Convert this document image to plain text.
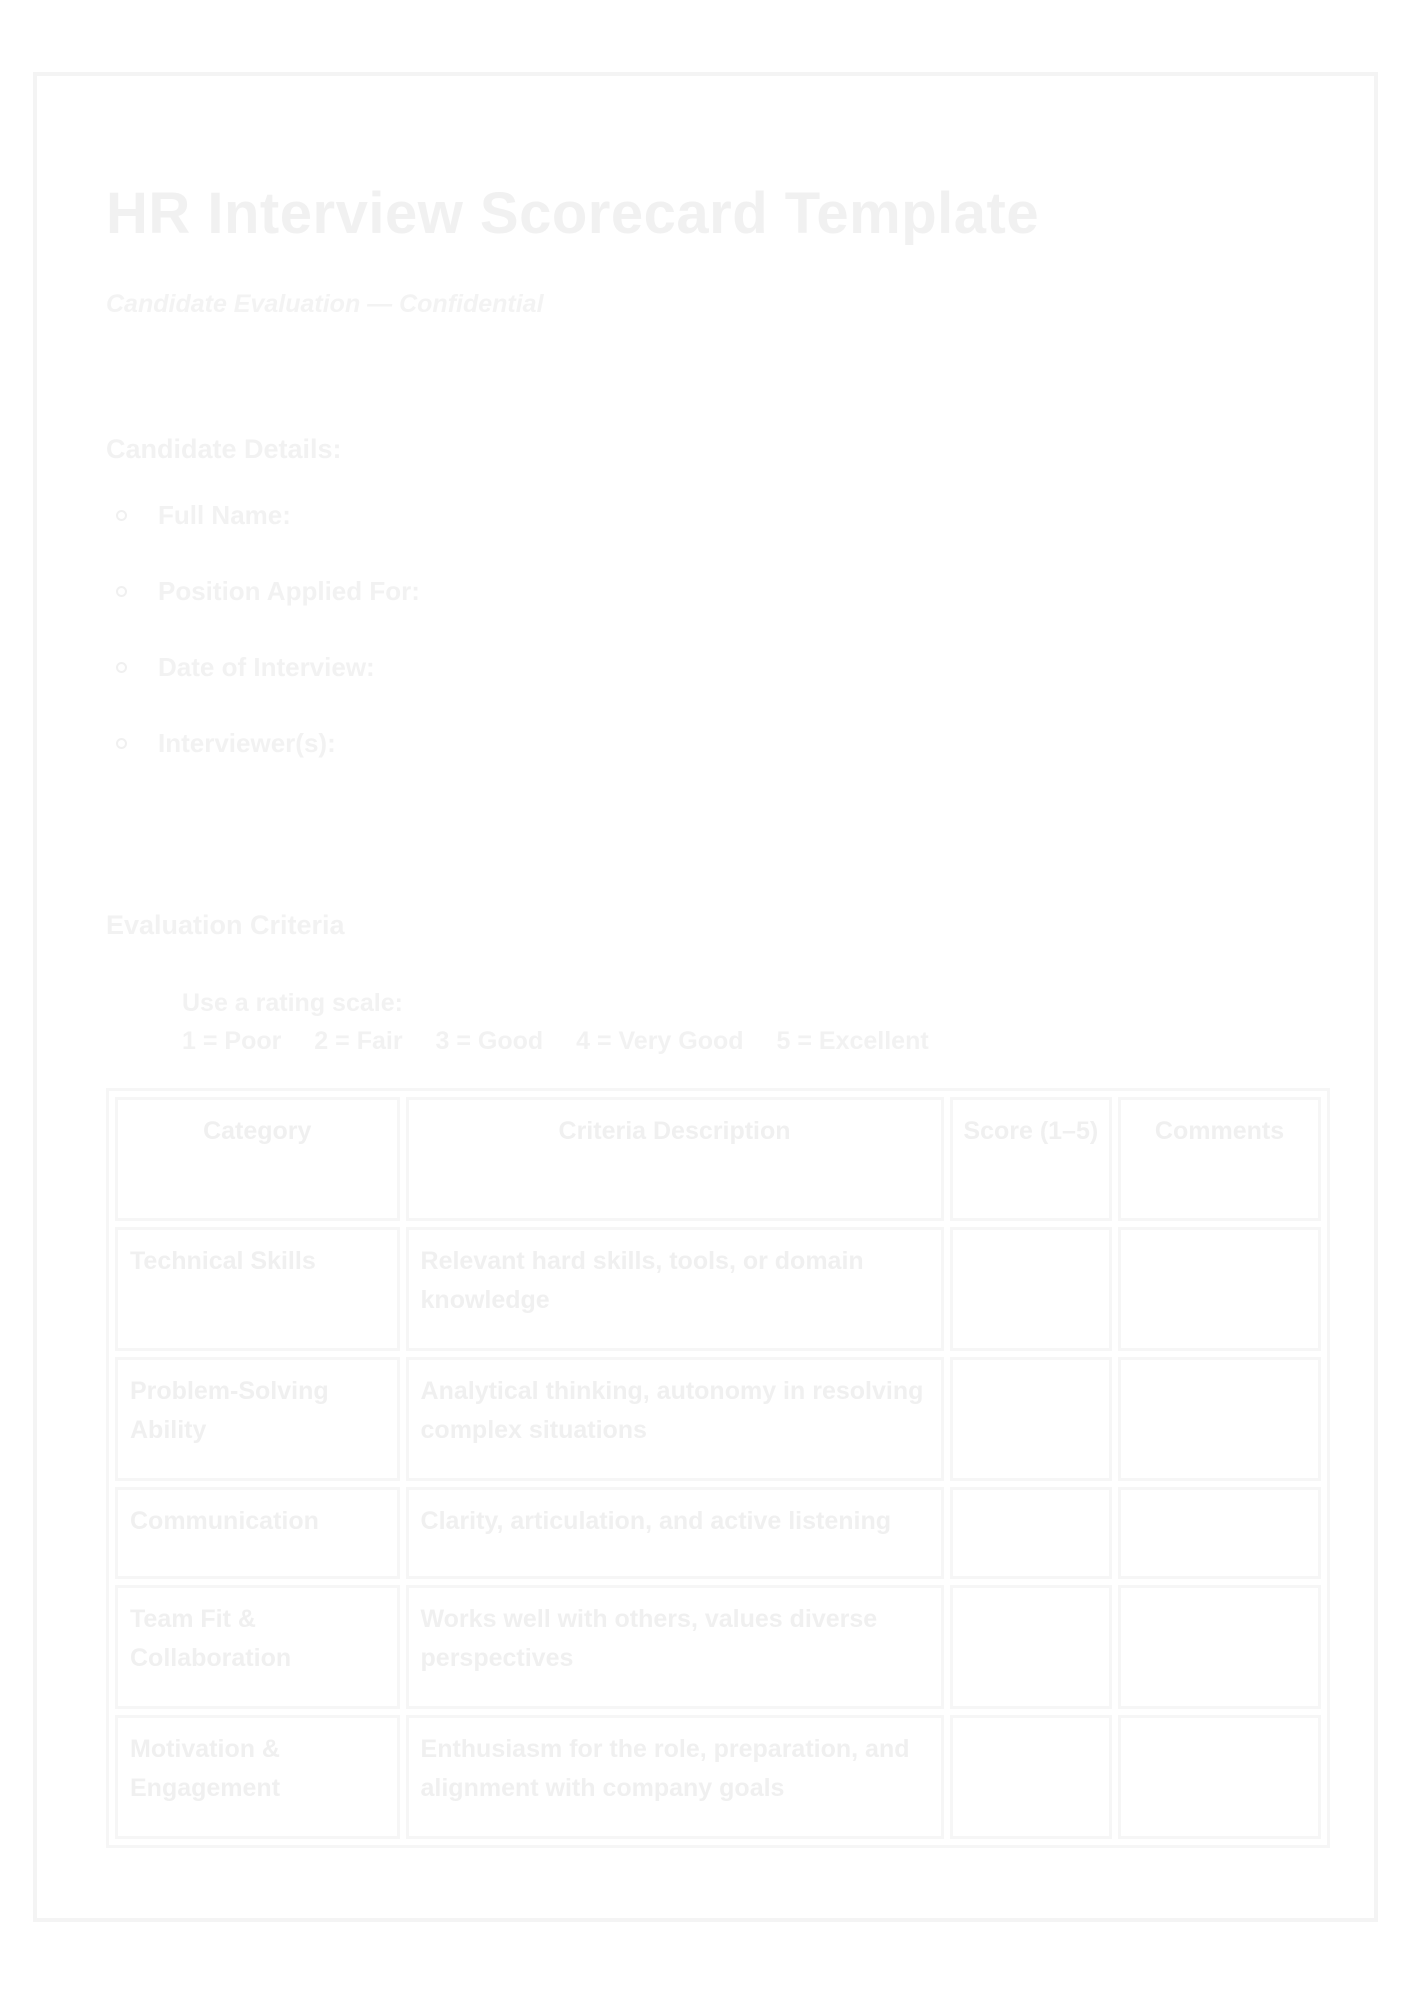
HR Interview Scorecard Template
Candidate Evaluation — Confidential
Candidate Details:
Full Name:
Position Applied For:
Date of Interview:
Interviewer(s):
Evaluation Criteria
Use a rating scale:
1 = Poor 2 = Fair 3 = Good 4 = Very Good 5 = Excellent
Category	Criteria Description	Score (1–5)	Comments
Technical Skills	Relevant hard skills, tools, or domain knowledge		
Problem-Solving Ability	Analytical thinking, autonomy in resolving complex situations		
Communication	Clarity, articulation, and active listening		
Team Fit & Collaboration	Works well with others, values diverse perspectives		
Motivation & Engagement	Enthusiasm for the role, preparation, and alignment with company goals		
